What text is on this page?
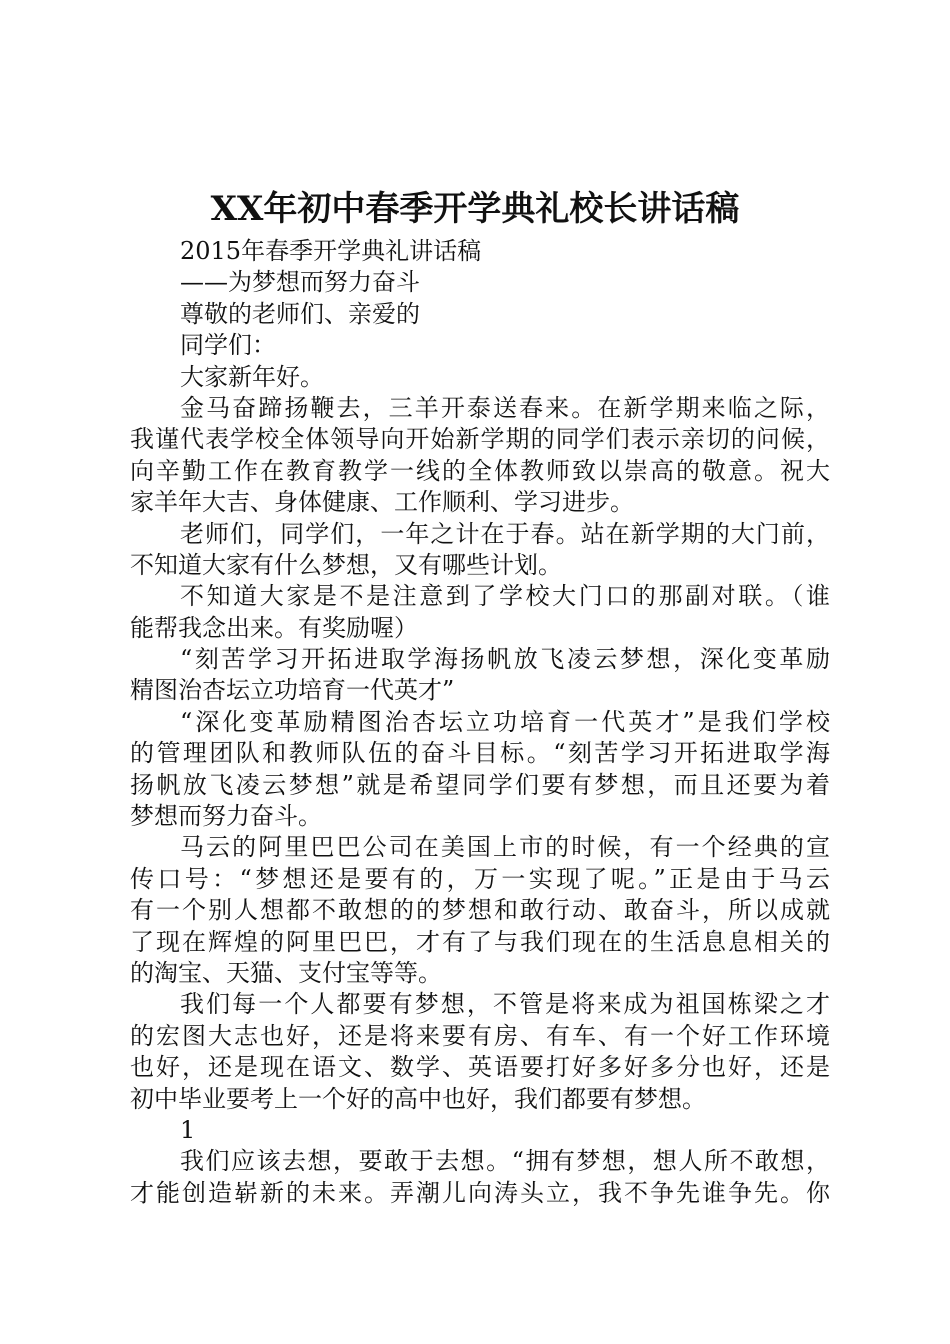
XX年初中春季开学典礼校长讲话稿
2015年春季开学典礼讲话稿
——为梦想而努力奋斗
尊敬的老师们、亲爱的
同学们：
大家新年好。
金马奋蹄扬鞭去，三羊开泰送春来。在新学期来临之际，
我谨代表学校全体领导向开始新学期的同学们表示亲切的问候，
向辛勤工作在教育教学一线的全体教师致以崇高的敬意。祝大
家羊年大吉、身体健康、工作顺利、学习进步。
老师们，同学们，一年之计在于春。站在新学期的大门前，
不知道大家有什么梦想，又有哪些计划。
不知道大家是不是注意到了学校大门口的那副对联。（谁
能帮我念出来。有奖励喔）
“刻苦学习开拓进取学海扬帆放飞凌云梦想，深化变革励
精图治杏坛立功培育一代英才”
“深化变革励精图治杏坛立功培育一代英才”是我们学校
的管理团队和教师队伍的奋斗目标。“刻苦学习开拓进取学海
扬帆放飞凌云梦想”就是希望同学们要有梦想，而且还要为着
梦想而努力奋斗。
马云的阿里巴巴公司在美国上市的时候，有一个经典的宣
传口号：“梦想还是要有的，万一实现了呢。”正是由于马云
有一个别人想都不敢想的的梦想和敢行动、敢奋斗，所以成就
了现在辉煌的阿里巴巴，才有了与我们现在的生活息息相关的
的淘宝、天猫、支付宝等等。
我们每一个人都要有梦想，不管是将来成为祖国栋梁之才
的宏图大志也好，还是将来要有房、有车、有一个好工作环境
也好，还是现在语文、数学、英语要打好多好多分也好，还是
初中毕业要考上一个好的高中也好，我们都要有梦想。
1
我们应该去想，要敢于去想。“拥有梦想，想人所不敢想，
才能创造崭新的未来。弄潮儿向涛头立，我不争先谁争先。你
